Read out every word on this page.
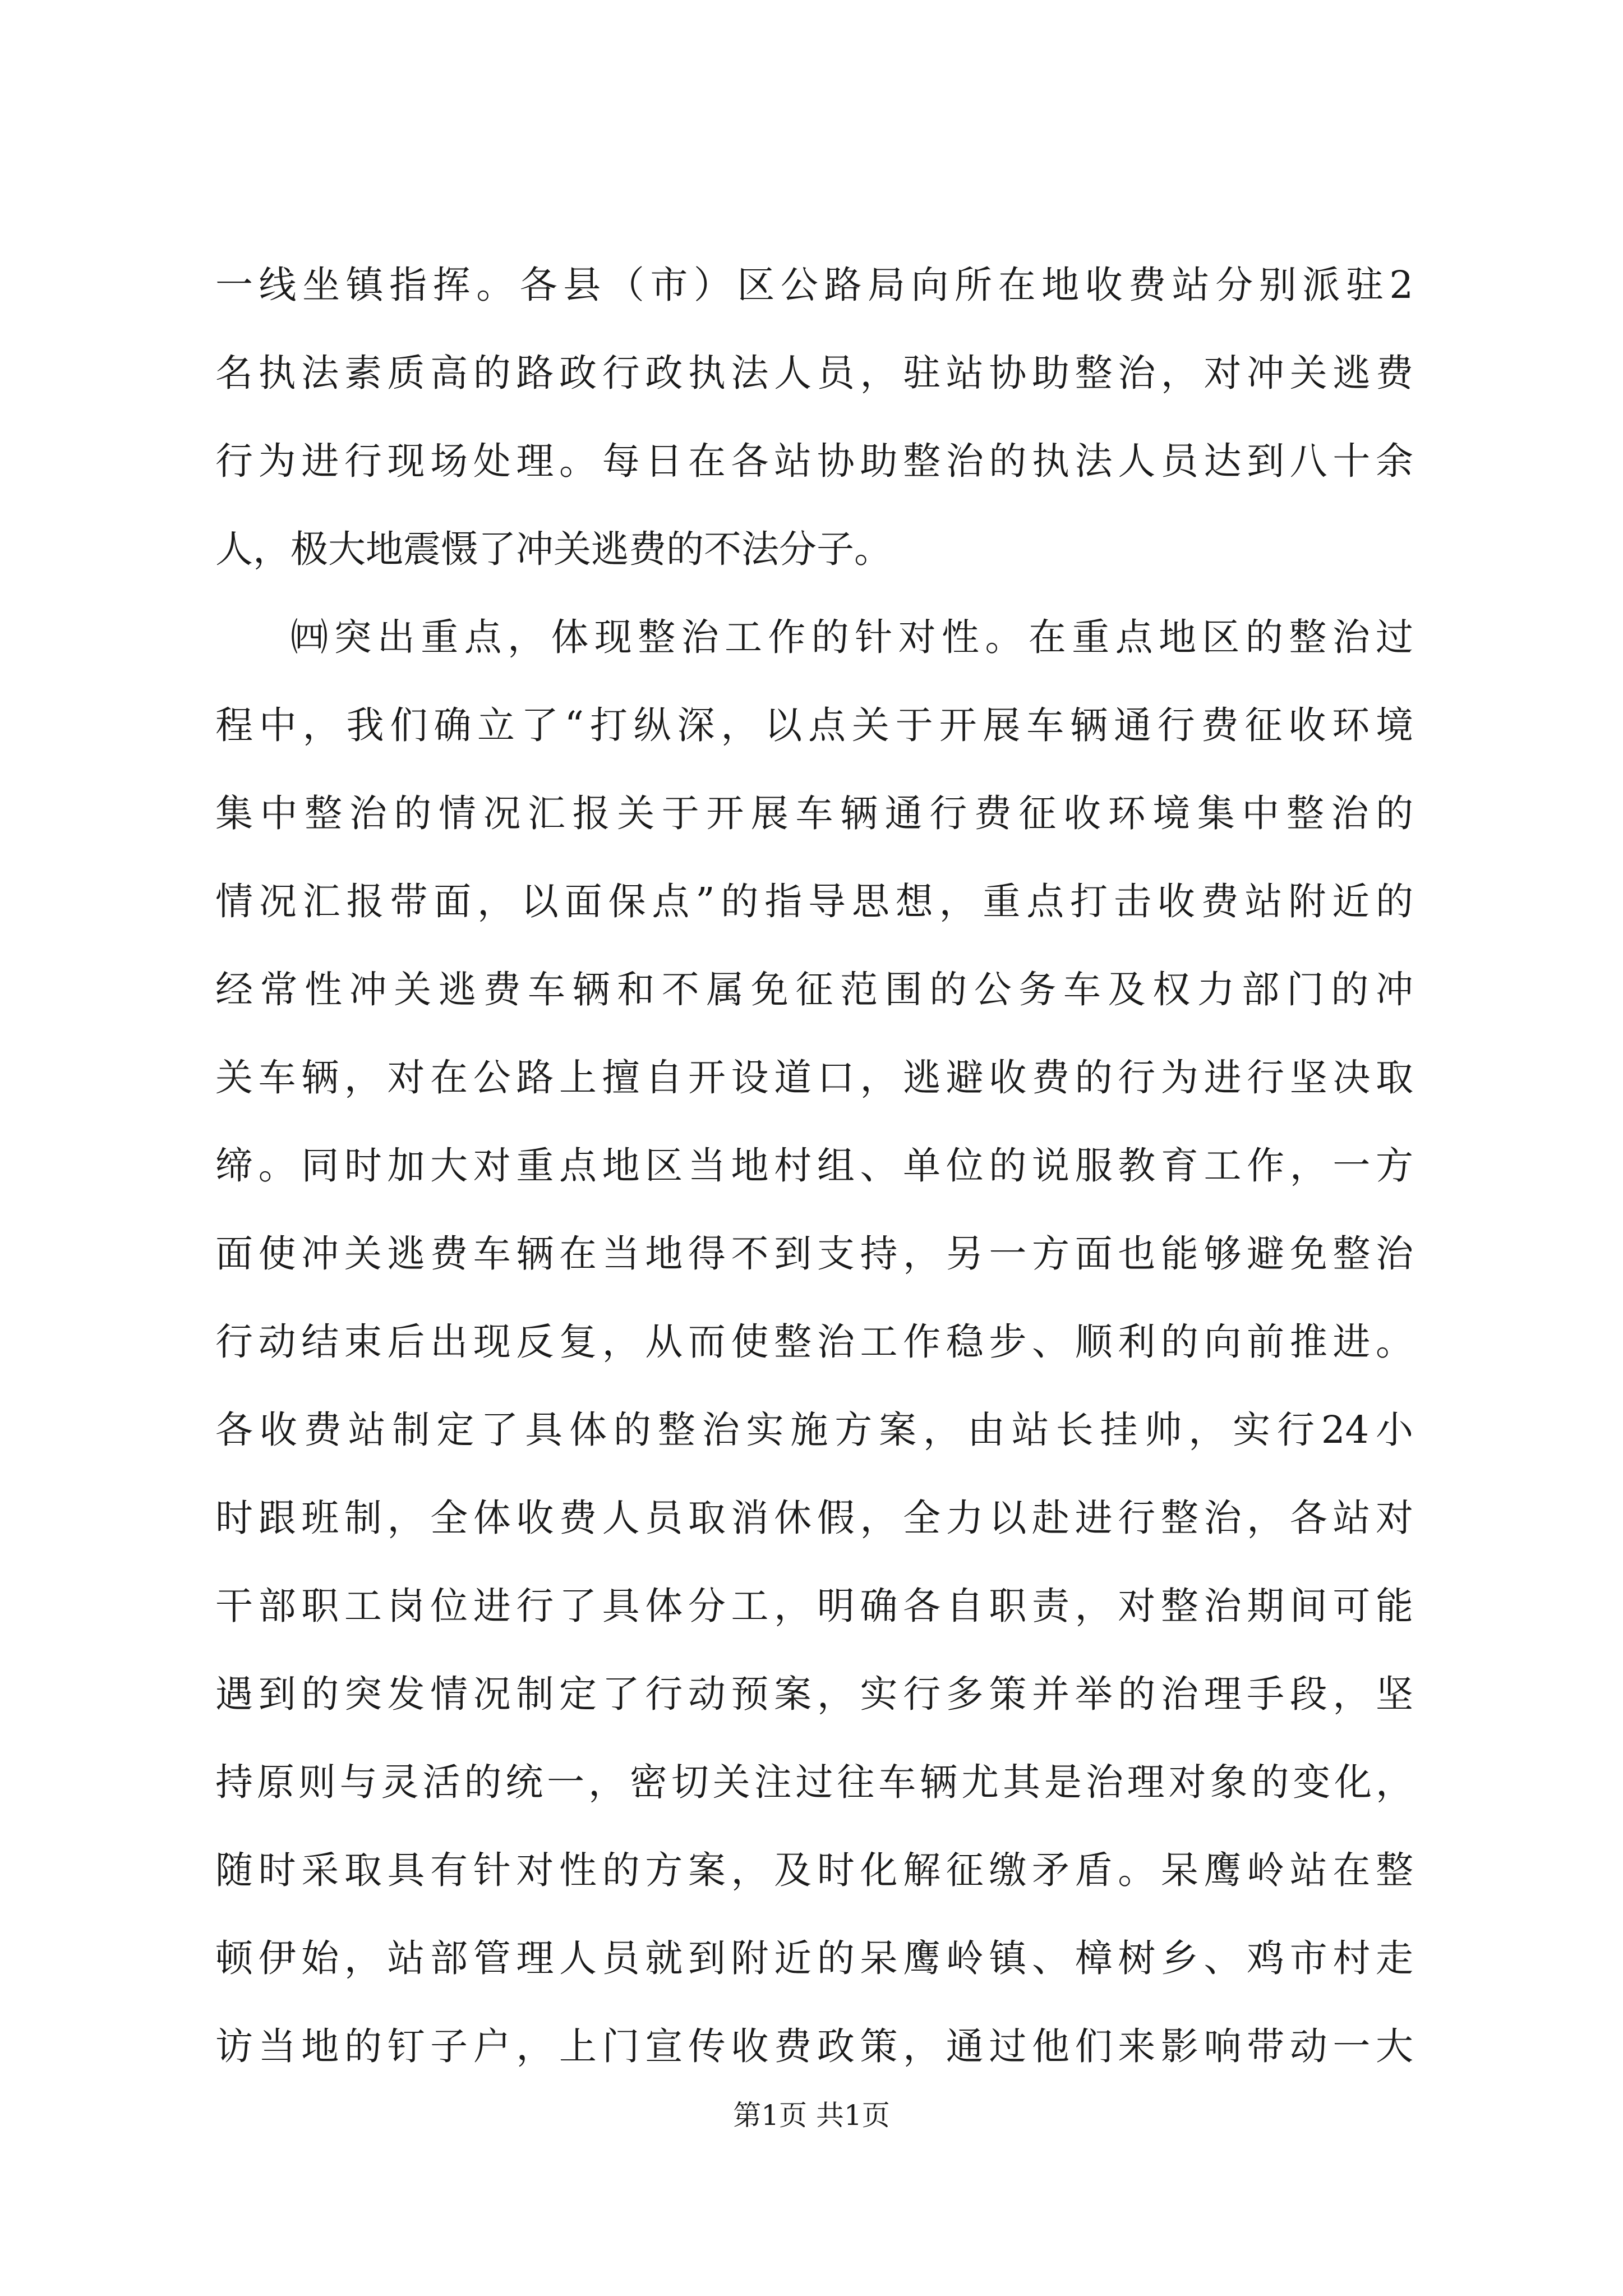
一线坐镇指挥。各县（市）区公路局向所在地收费站分别派驻2
名执法素质高的路政行政执法人员，驻站协助整治，对冲关逃费
行为进行现场处理。每日在各站协助整治的执法人员达到八十余
人，极大地震慑了冲关逃费的不法分子。
㈣突出重点，体现整治工作的针对性。在重点地区的整治过
程中，我们确立了“打纵深，以点关于开展车辆通行费征收环境
集中整治的情况汇报关于开展车辆通行费征收环境集中整治的
情况汇报带面，以面保点”的指导思想，重点打击收费站附近的
经常性冲关逃费车辆和不属免征范围的公务车及权力部门的冲
关车辆，对在公路上擅自开设道口，逃避收费的行为进行坚决取
缔。同时加大对重点地区当地村组、单位的说服教育工作，一方
面使冲关逃费车辆在当地得不到支持，另一方面也能够避免整治
行动结束后出现反复，从而使整治工作稳步、顺利的向前推进。
各收费站制定了具体的整治实施方案，由站长挂帅，实行24小
时跟班制，全体收费人员取消休假，全力以赴进行整治，各站对
干部职工岗位进行了具体分工，明确各自职责，对整治期间可能
遇到的突发情况制定了行动预案，实行多策并举的治理手段，坚
持原则与灵活的统一，密切关注过往车辆尤其是治理对象的变化，
随时采取具有针对性的方案，及时化解征缴矛盾。呆鹰岭站在整
顿伊始，站部管理人员就到附近的呆鹰岭镇、樟树乡、鸡市村走
访当地的钉子户，上门宣传收费政策，通过他们来影响带动一大
第1页 共1页
